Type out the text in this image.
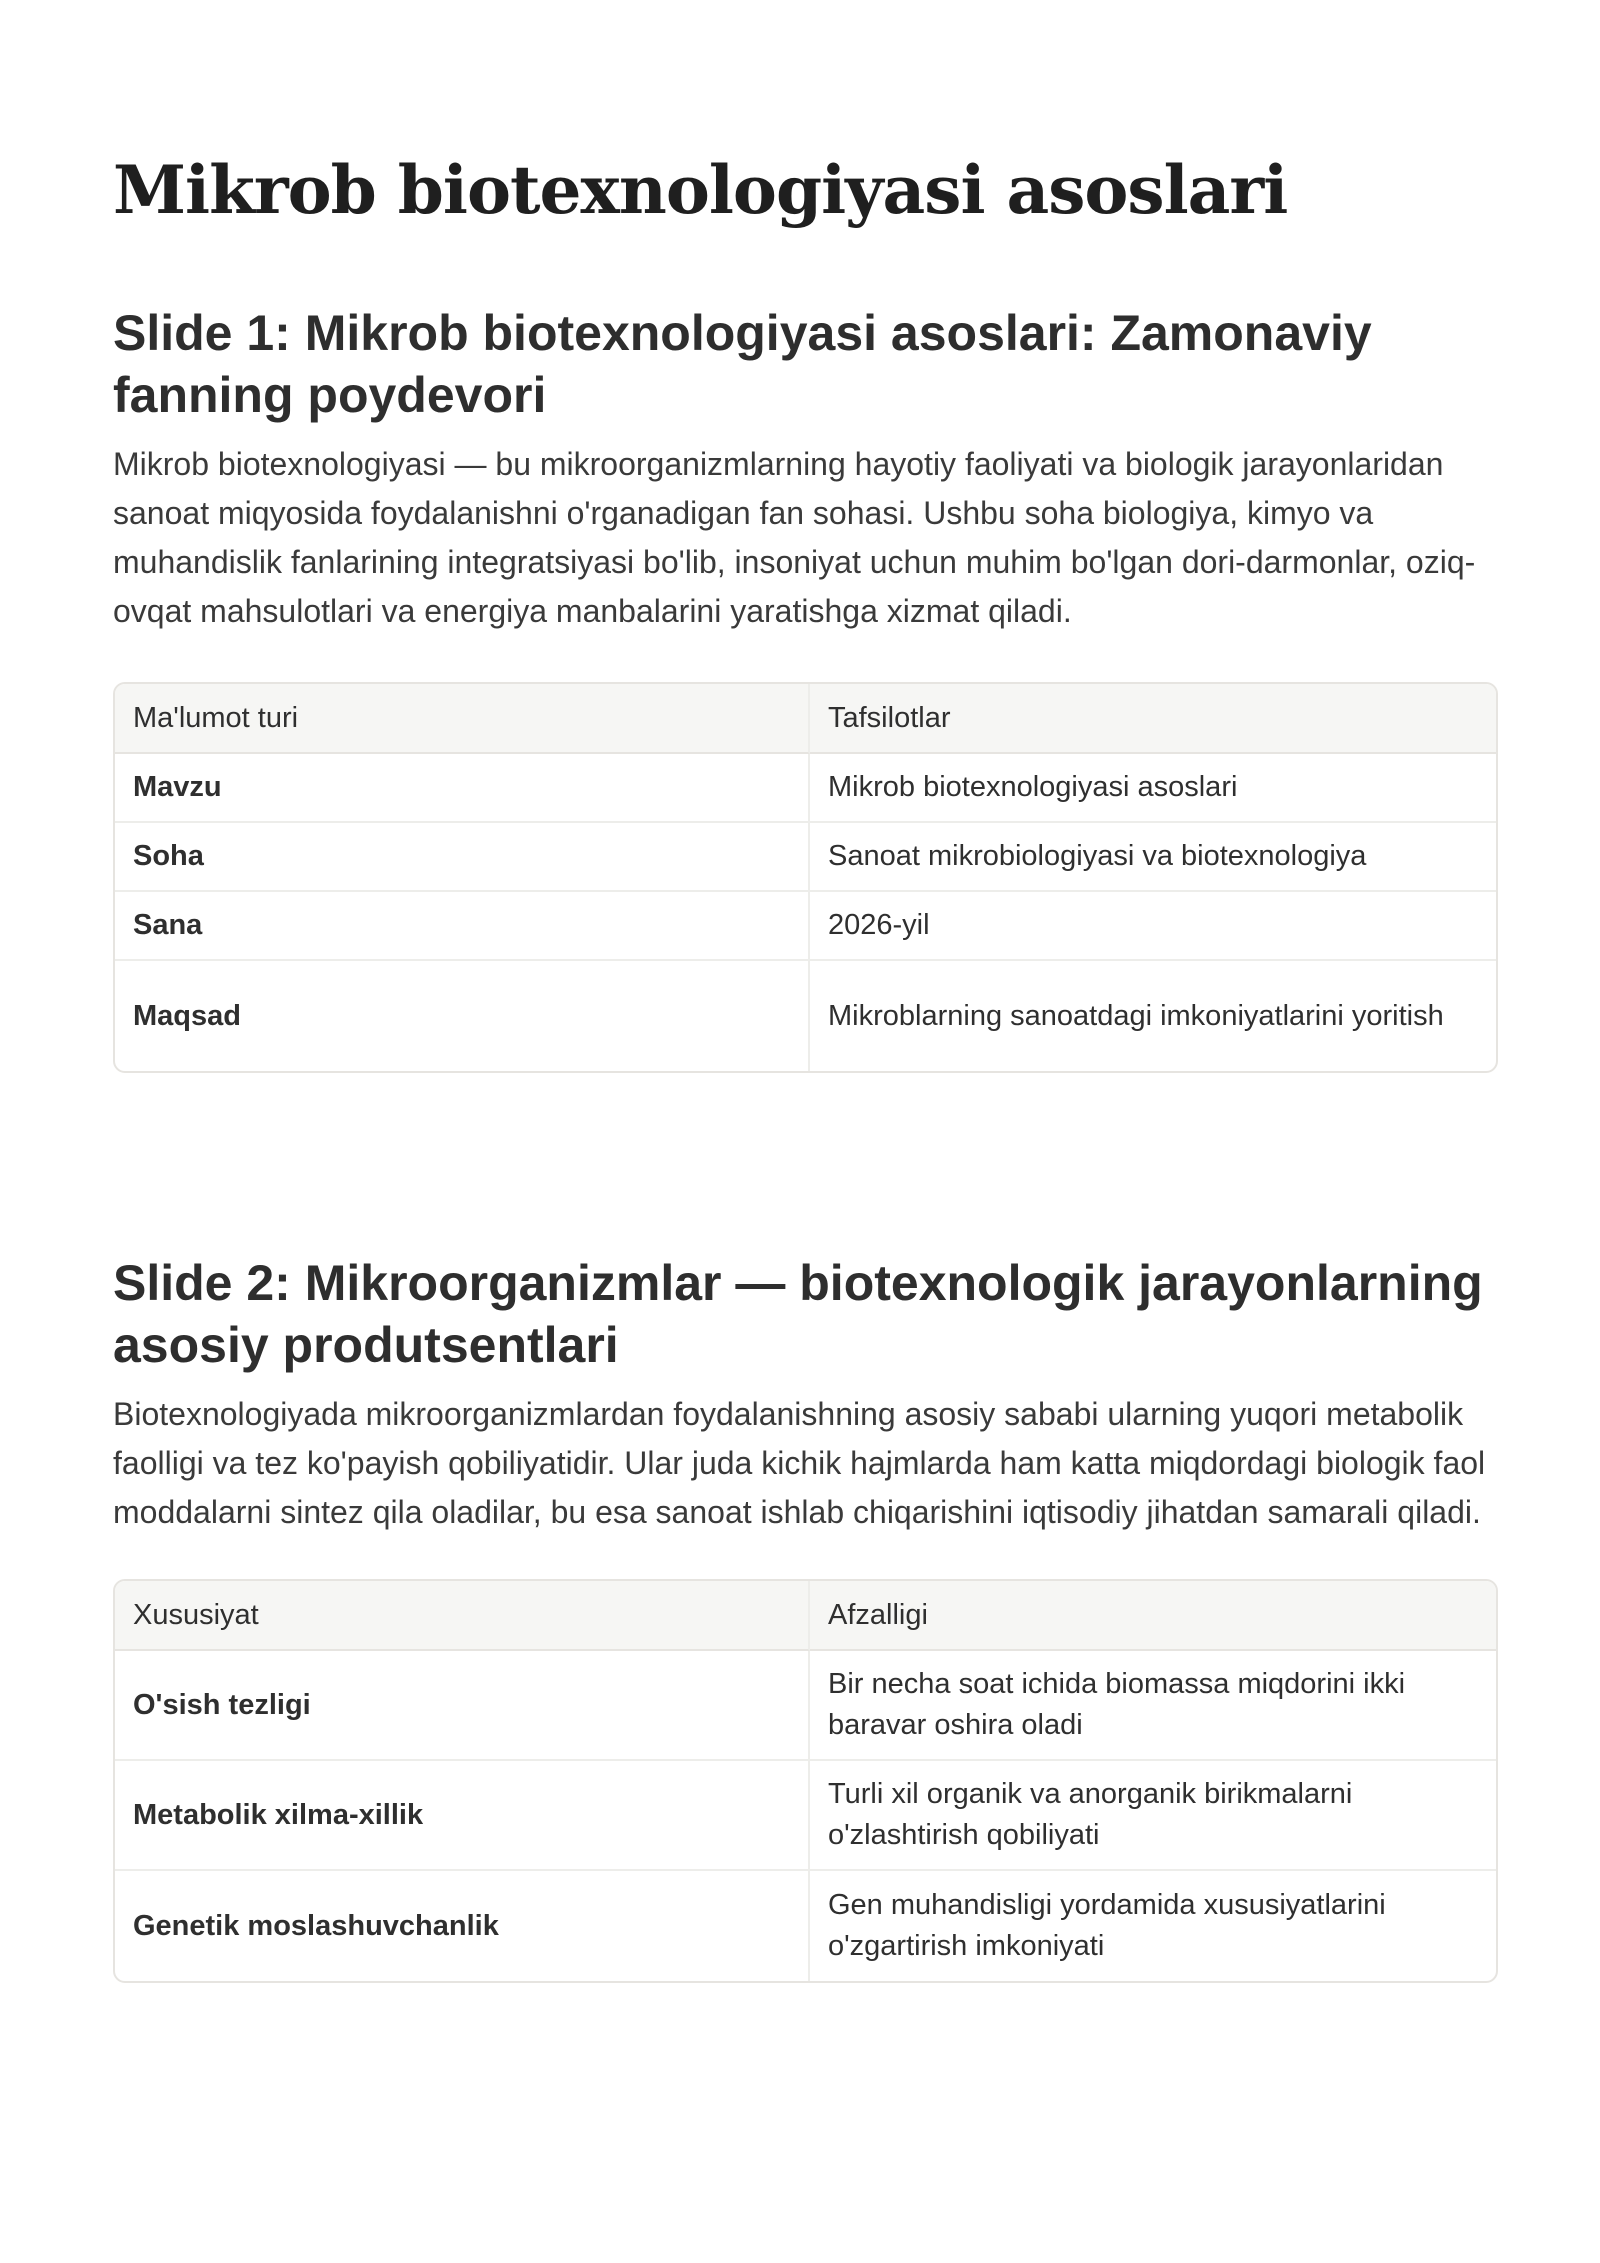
Mikrob biotexnologiyasi asoslari
Slide 1: Mikrob biotexnologiyasi asoslari: Zamonaviy fanning poydevori

Mikrob biotexnologiyasi — bu mikroorganizmlarning hayotiy faoliyati va biologik jarayonlaridan sanoat miqyosida foydalanishni o'rganadigan fan sohasi. Ushbu soha biologiya, kimyo va muhandislik fanlarining integratsiyasi bo'lib, insoniyat uchun muhim bo'lgan dori-darmonlar, oziq-ovqat mahsulotlari va energiya manbalarini yaratishga xizmat qiladi.

Ma'lumot turi	Tafsilotlar
Mavzu	Mikrob biotexnologiyasi asoslari
Soha	Sanoat mikrobiologiyasi va biotexnologiya
Sana	2026-yil
Maqsad	Mikroblarning sanoatdagi imkoniyatlarini yoritish
Slide 2: Mikroorganizmlar — biotexnologik jarayonlarning asosiy produtsentlari

Biotexnologiyada mikroorganizmlardan foydalanishning asosiy sababi ularning yuqori metabolik faolligi va tez ko'payish qobiliyatidir. Ular juda kichik hajmlarda ham katta miqdordagi biologik faol moddalarni sintez qila oladilar, bu esa sanoat ishlab chiqarishini iqtisodiy jihatdan samarali qiladi.

Xususiyat	Afzalligi
O'sish tezligi	Bir necha soat ichida biomassa miqdorini ikki baravar oshira oladi
Metabolik xilma-xillik	Turli xil organik va anorganik birikmalarni o'zlashtirish qobiliyati
Genetik moslashuvchanlik	Gen muhandisligi yordamida xususiyatlarini o'zgartirish imkoniyati
